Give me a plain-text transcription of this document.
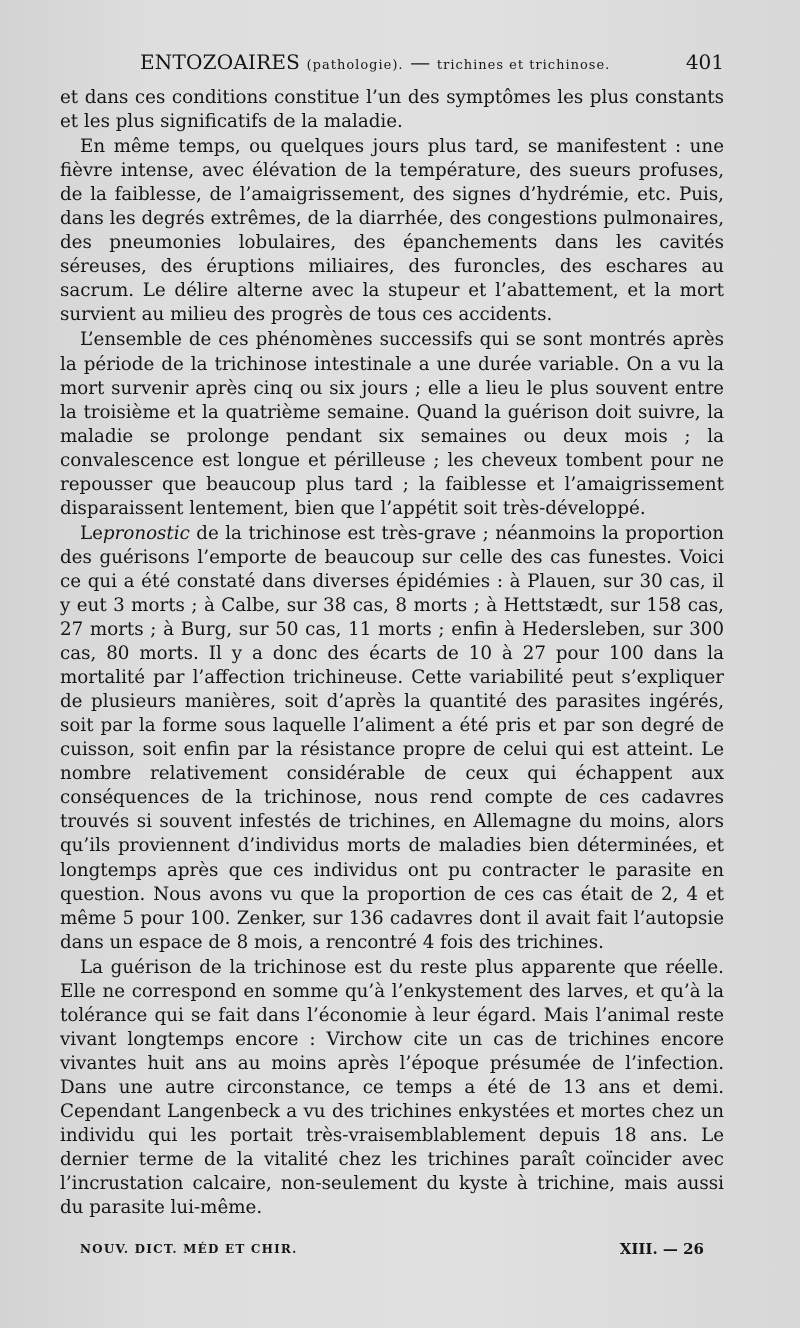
ENTOZOAIRES (pathologie). — trichines et trichinose.	401

et dans ces conditions constitue l’un des symptômes les plus constants et les plus significatifs de la maladie.

En même temps, ou quelques jours plus tard, se manifestent : une fièvre intense, avec élévation de la température, des sueurs profuses, de la faiblesse, de l’amaigrissement, des signes d’hydrémie, etc. Puis, dans les degrés extrêmes, de la diarrhée, des congestions pulmonaires, des pneumonies lobulaires, des épanchements dans les cavités séreuses, des éruptions miliaires, des furoncles, des eschares au sacrum. Le délire alterne avec la stupeur et l’abattement, et la mort survient au milieu des progrès de tous ces accidents.

L’ensemble de ces phénomènes successifs qui se sont montrés après la période de la trichinose intestinale a une durée variable. On a vu la mort survenir après cinq ou six jours ; elle a lieu le plus souvent entre la troisième et la quatrième semaine. Quand la guérison doit suivre, la maladie se prolonge pendant six semaines ou deux mois ; la convalescence est longue et périlleuse ; les cheveux tombent pour ne repousser que beaucoup plus tard ; la faiblesse et l’amaigrissement disparaissent lentement, bien que l’appétit soit très-développé.

Lepronostic de la trichinose est très-grave ; néanmoins la proportion des guérisons l’emporte de beaucoup sur celle des cas funestes. Voici ce qui a été constaté dans diverses épidémies : à Plauen, sur 30 cas, il y eut 3 morts ; à Calbe, sur 38 cas, 8 morts ; à Hettstædt, sur 158 cas, 27 morts ; à Burg, sur 50 cas, 11 morts ; enfin à Hedersleben, sur 300 cas, 80 morts. Il y a donc des écarts de 10 à 27 pour 100 dans la mortalité par l’affection trichineuse. Cette variabilité peut s’expliquer de plusieurs manières, soit d’après la quantité des parasites ingérés, soit par la forme sous laquelle l’aliment a été pris et par son degré de cuisson, soit enfin par la résistance propre de celui qui est atteint. Le nombre relativement considérable de ceux qui échappent aux conséquences de la trichinose, nous rend compte de ces cadavres trouvés si souvent infestés de trichines, en Allemagne du moins, alors qu’ils proviennent d’individus morts de maladies bien déterminées, et longtemps après que ces individus ont pu contracter le parasite en question. Nous avons vu que la proportion de ces cas était de 2, 4 et même 5 pour 100. Zenker, sur 136 cadavres dont il avait fait l’autopsie dans un espace de 8 mois, a rencontré 4 fois des trichines.

La guérison de la trichinose est du reste plus apparente que réelle. Elle ne correspond en somme qu’à l’enkystement des larves, et qu’à la tolérance qui se fait dans l’économie à leur égard. Mais l’animal reste vivant longtemps encore : Virchow cite un cas de trichines encore vivantes huit ans au moins après l’époque présumée de l’infection. Dans une autre circonstance, ce temps a été de 13 ans et demi. Cependant Langenbeck a vu des trichines enkystées et mortes chez un individu qui les portait très-vraisemblablement depuis 18 ans. Le dernier terme de la vitalité chez les trichines paraît coïncider avec l’incrustation calcaire, non-seulement du kyste à trichine, mais aussi du parasite lui-même.

NOUV. DICT. MÉD ET CHIR.	XIII. — 26
